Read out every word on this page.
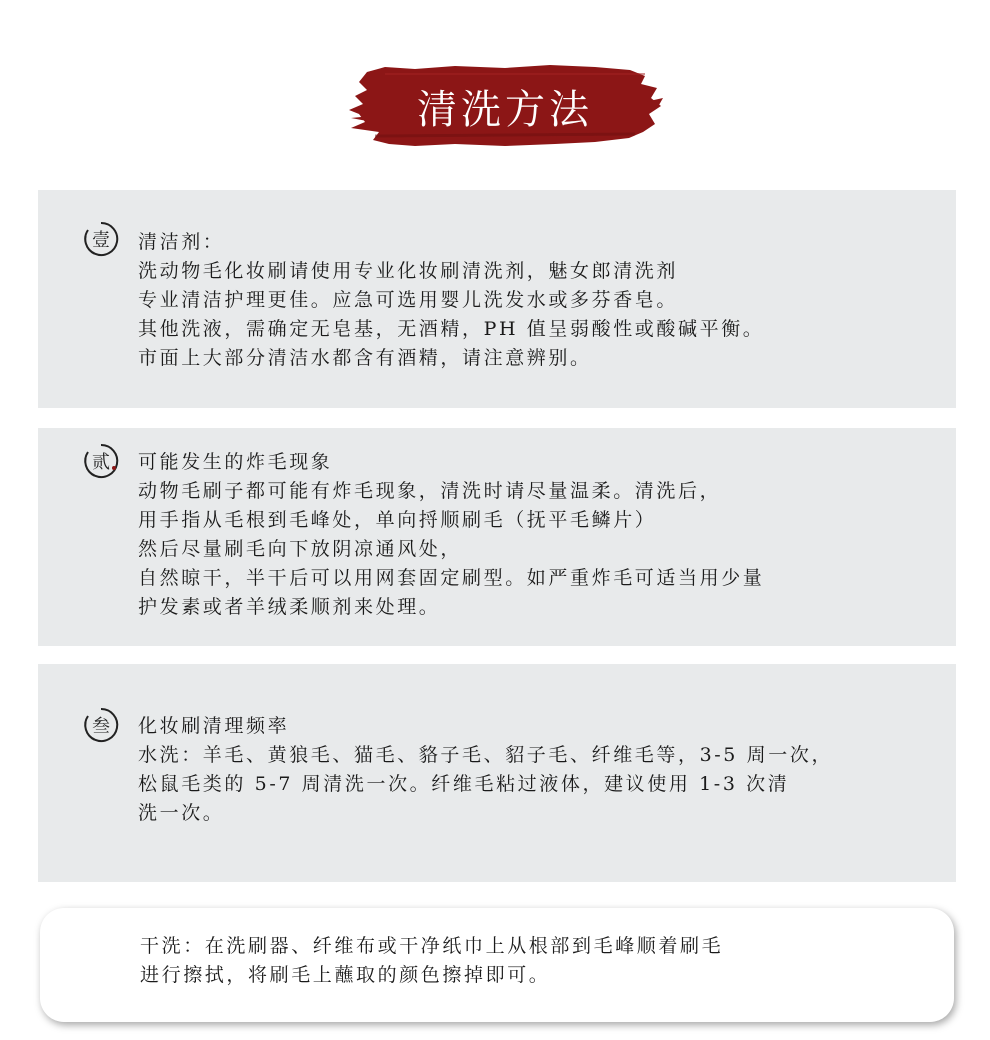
清洗方法
壹	清洁剂：
洗动物毛化妆刷请使用专业化妆刷清洗剂，魅女郎清洗剂
专业清洁护理更佳。应急可选用婴儿洗发水或多芬香皂。
其他洗液，需确定无皂基，无酒精，PH 值呈弱酸性或酸碱平衡。
市面上大部分清洁水都含有酒精，请注意辨别。
贰	可能发生的炸毛现象
动物毛刷子都可能有炸毛现象，清洗时请尽量温柔。清洗后，
用手指从毛根到毛峰处，单向捋顺刷毛（抚平毛鳞片）
然后尽量刷毛向下放阴凉通风处，
自然晾干，半干后可以用网套固定刷型。如严重炸毛可适当用少量
护发素或者羊绒柔顺剂来处理。
叁	化妆刷清理频率
水洗：羊毛、黄狼毛、猫毛、貉子毛、貂子毛、纤维毛等，3-5 周一次，
松鼠毛类的 5-7 周清洗一次。纤维毛粘过液体，建议使用 1-3 次清
洗一次。
干洗：在洗刷器、纤维布或干净纸巾上从根部到毛峰顺着刷毛
进行擦拭，将刷毛上蘸取的颜色擦掉即可。
